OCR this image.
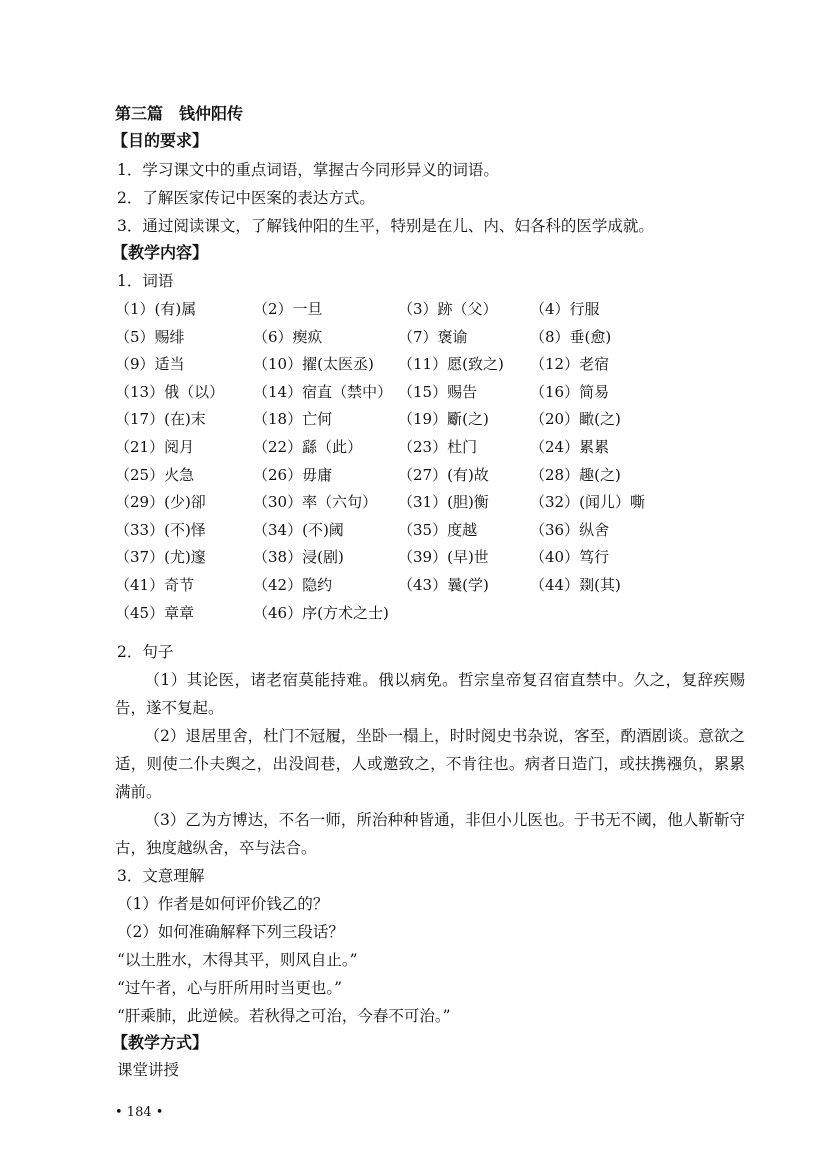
第三篇　钱仲阳传
【目的要求】
1．学习课文中的重点词语，掌握古今同形异义的词语。
2．了解医家传记中医案的表达方式。
3．通过阅读课文，了解钱仲阳的生平，特别是在儿、内、妇各科的医学成就。
【教学内容】
1．词语
（1）(有)属	（2）一旦	（3）跡（父） （4）行服
（5）赐绯	（6）瘈疭	（7）褒谕	（8）垂(愈)
（9）适当	（10）擢(太医丞) （11）愿(致之) （12）老宿
（13）俄（以） （14）宿直（禁中） （15）赐告	（16）简易
（17）(在)末	（18）亡何	（19）斸(之)	（20）瞰(之)
（21）阅月	（22）繇（此） （23）杜门	（24）累累
（25）火急	（26）毋庸	（27）(有)故	（28）趣(之)
（29）(少)卻	（30）率（六句） （31）(胆)衡	（32）(闻儿）嘶
（33）(不)怿	（34）(不)阈	（35）度越	（36）纵舍
（37）(尤)邃	（38）浸(剧)	（39）(早)世	（40）笃行
（41）奇节	（42）隐约	（43）曩(学)	（44）剟(其)
（45）章章	（46）序(方术之士)
2．句子
（1）其论医，诸老宿莫能持难。俄以病免。哲宗皇帝复召宿直禁中。久之，复辞疾赐告，遂不复起。
（2）退居里舍，杜门不冠履，坐卧一榻上，时时阅史书杂说，客至，酌酒剧谈。意欲之适，则使二仆夫舆之，出没闾巷，人或邀致之，不肯往也。病者日造门，或扶携襁负，累累满前。
（3）乙为方博达，不名一师，所治种种皆通，非但小儿医也。于书无不阈，他人靳靳守古，独度越纵舍，卒与法合。
3．文意理解
（1）作者是如何评价钱乙的？
（2）如何准确解释下列三段话？
“以土胜水，木得其平，则风自止。”
“过午者，心与肝所用时当更也。”
“肝乘肺，此逆候。若秋得之可治，今春不可治。”
【教学方式】
课堂讲授
• 184 •
